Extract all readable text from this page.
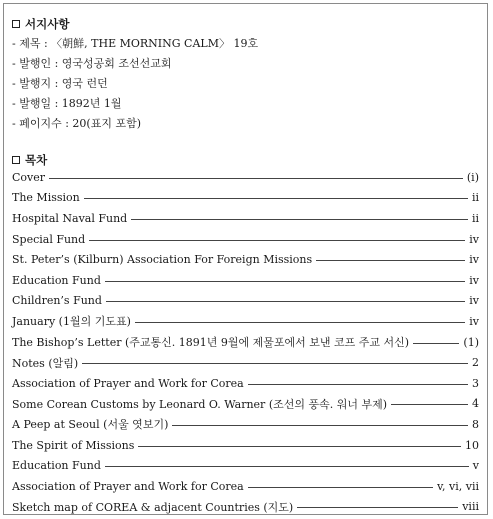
서지사항
- 제목 : 〈朝鮮, THE MORNING CALM〉 19호
- 발행인 : 영국성공회 조선선교회
- 발행지 : 영국 런던
- 발행일 : 1892년 1월
- 페이지수 : 20(표지 포함)
목차
Cover	(i)
The Mission	ii
Hospital Naval Fund	ii
Special Fund	iv
St. Peter’s (Kilburn) Association For Foreign Missions	iv
Education Fund	iv
Children’s Fund	iv
January (1월의 기도표)	iv
The Bishop’s Letter (주교통신. 1891년 9월에 제물포에서 보낸 코프 주교 서신)	(1)
Notes (알림)	2
Association of Prayer and Work for Corea	3
Some Corean Customs by Leonard O. Warner (조선의 풍속. 워너 부제)	4
A Peep at Seoul (서울 엿보기)	8
The Spirit of Missions	10
Education Fund	v
Association of Prayer and Work for Corea	v, vi, vii
Sketch map of COREA & adjacent Countries (지도)	viii
